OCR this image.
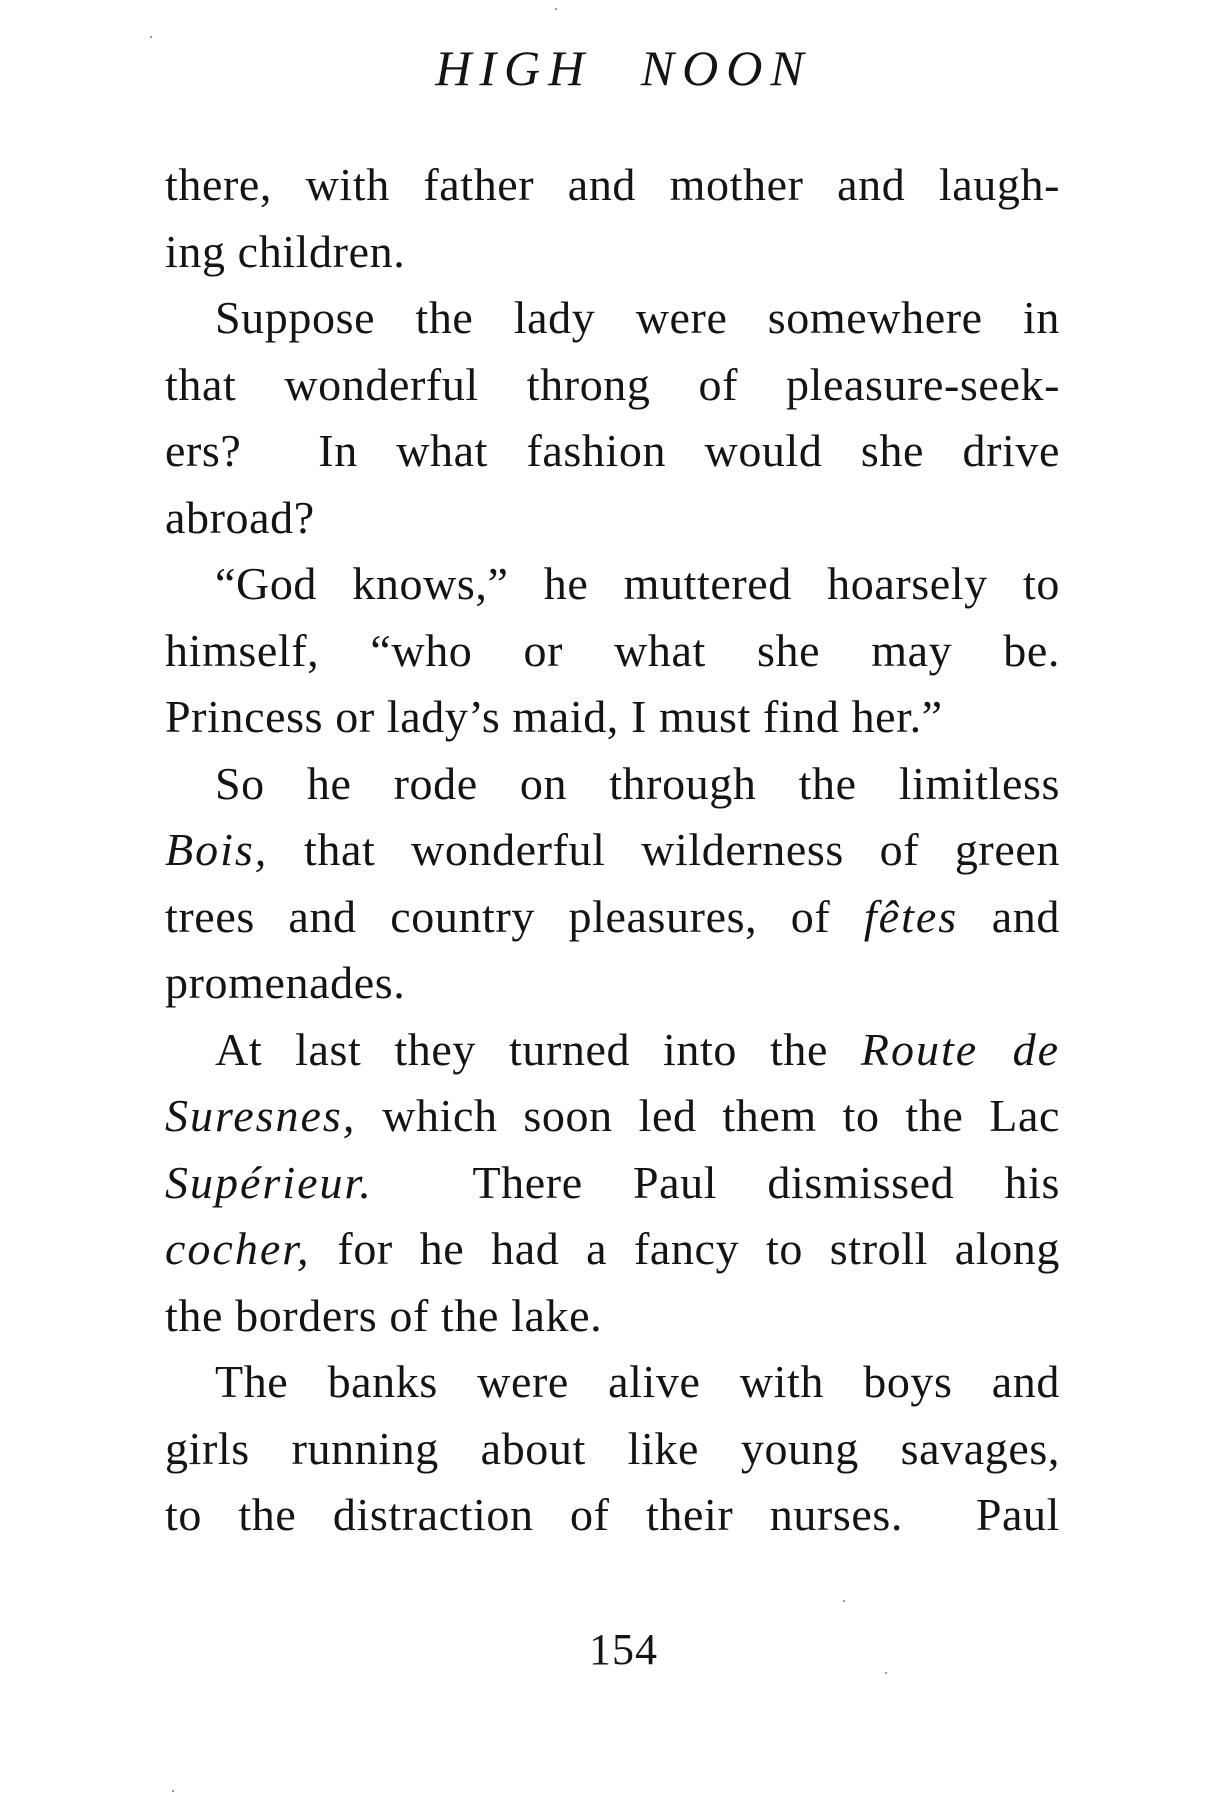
HIGH NOON
there, with father and mother and laugh-
ing children.
Suppose the lady were somewhere in
that wonderful throng of pleasure-seek-
ers?  In what fashion would she drive
abroad?
“God knows,” he muttered hoarsely to
himself, “who or what she may be.
Princess or lady’s maid, I must find her.”
So he rode on through the limitless
Bois, that wonderful wilderness of green
trees and country pleasures, of fêtes and
promenades.
At last they turned into the Route de
Suresnes, which soon led them to the Lac
Supérieur.  There Paul dismissed his
cocher, for he had a fancy to stroll along
the borders of the lake.
The banks were alive with boys and
girls running about like young savages,
to the distraction of their nurses.  Paul
154
